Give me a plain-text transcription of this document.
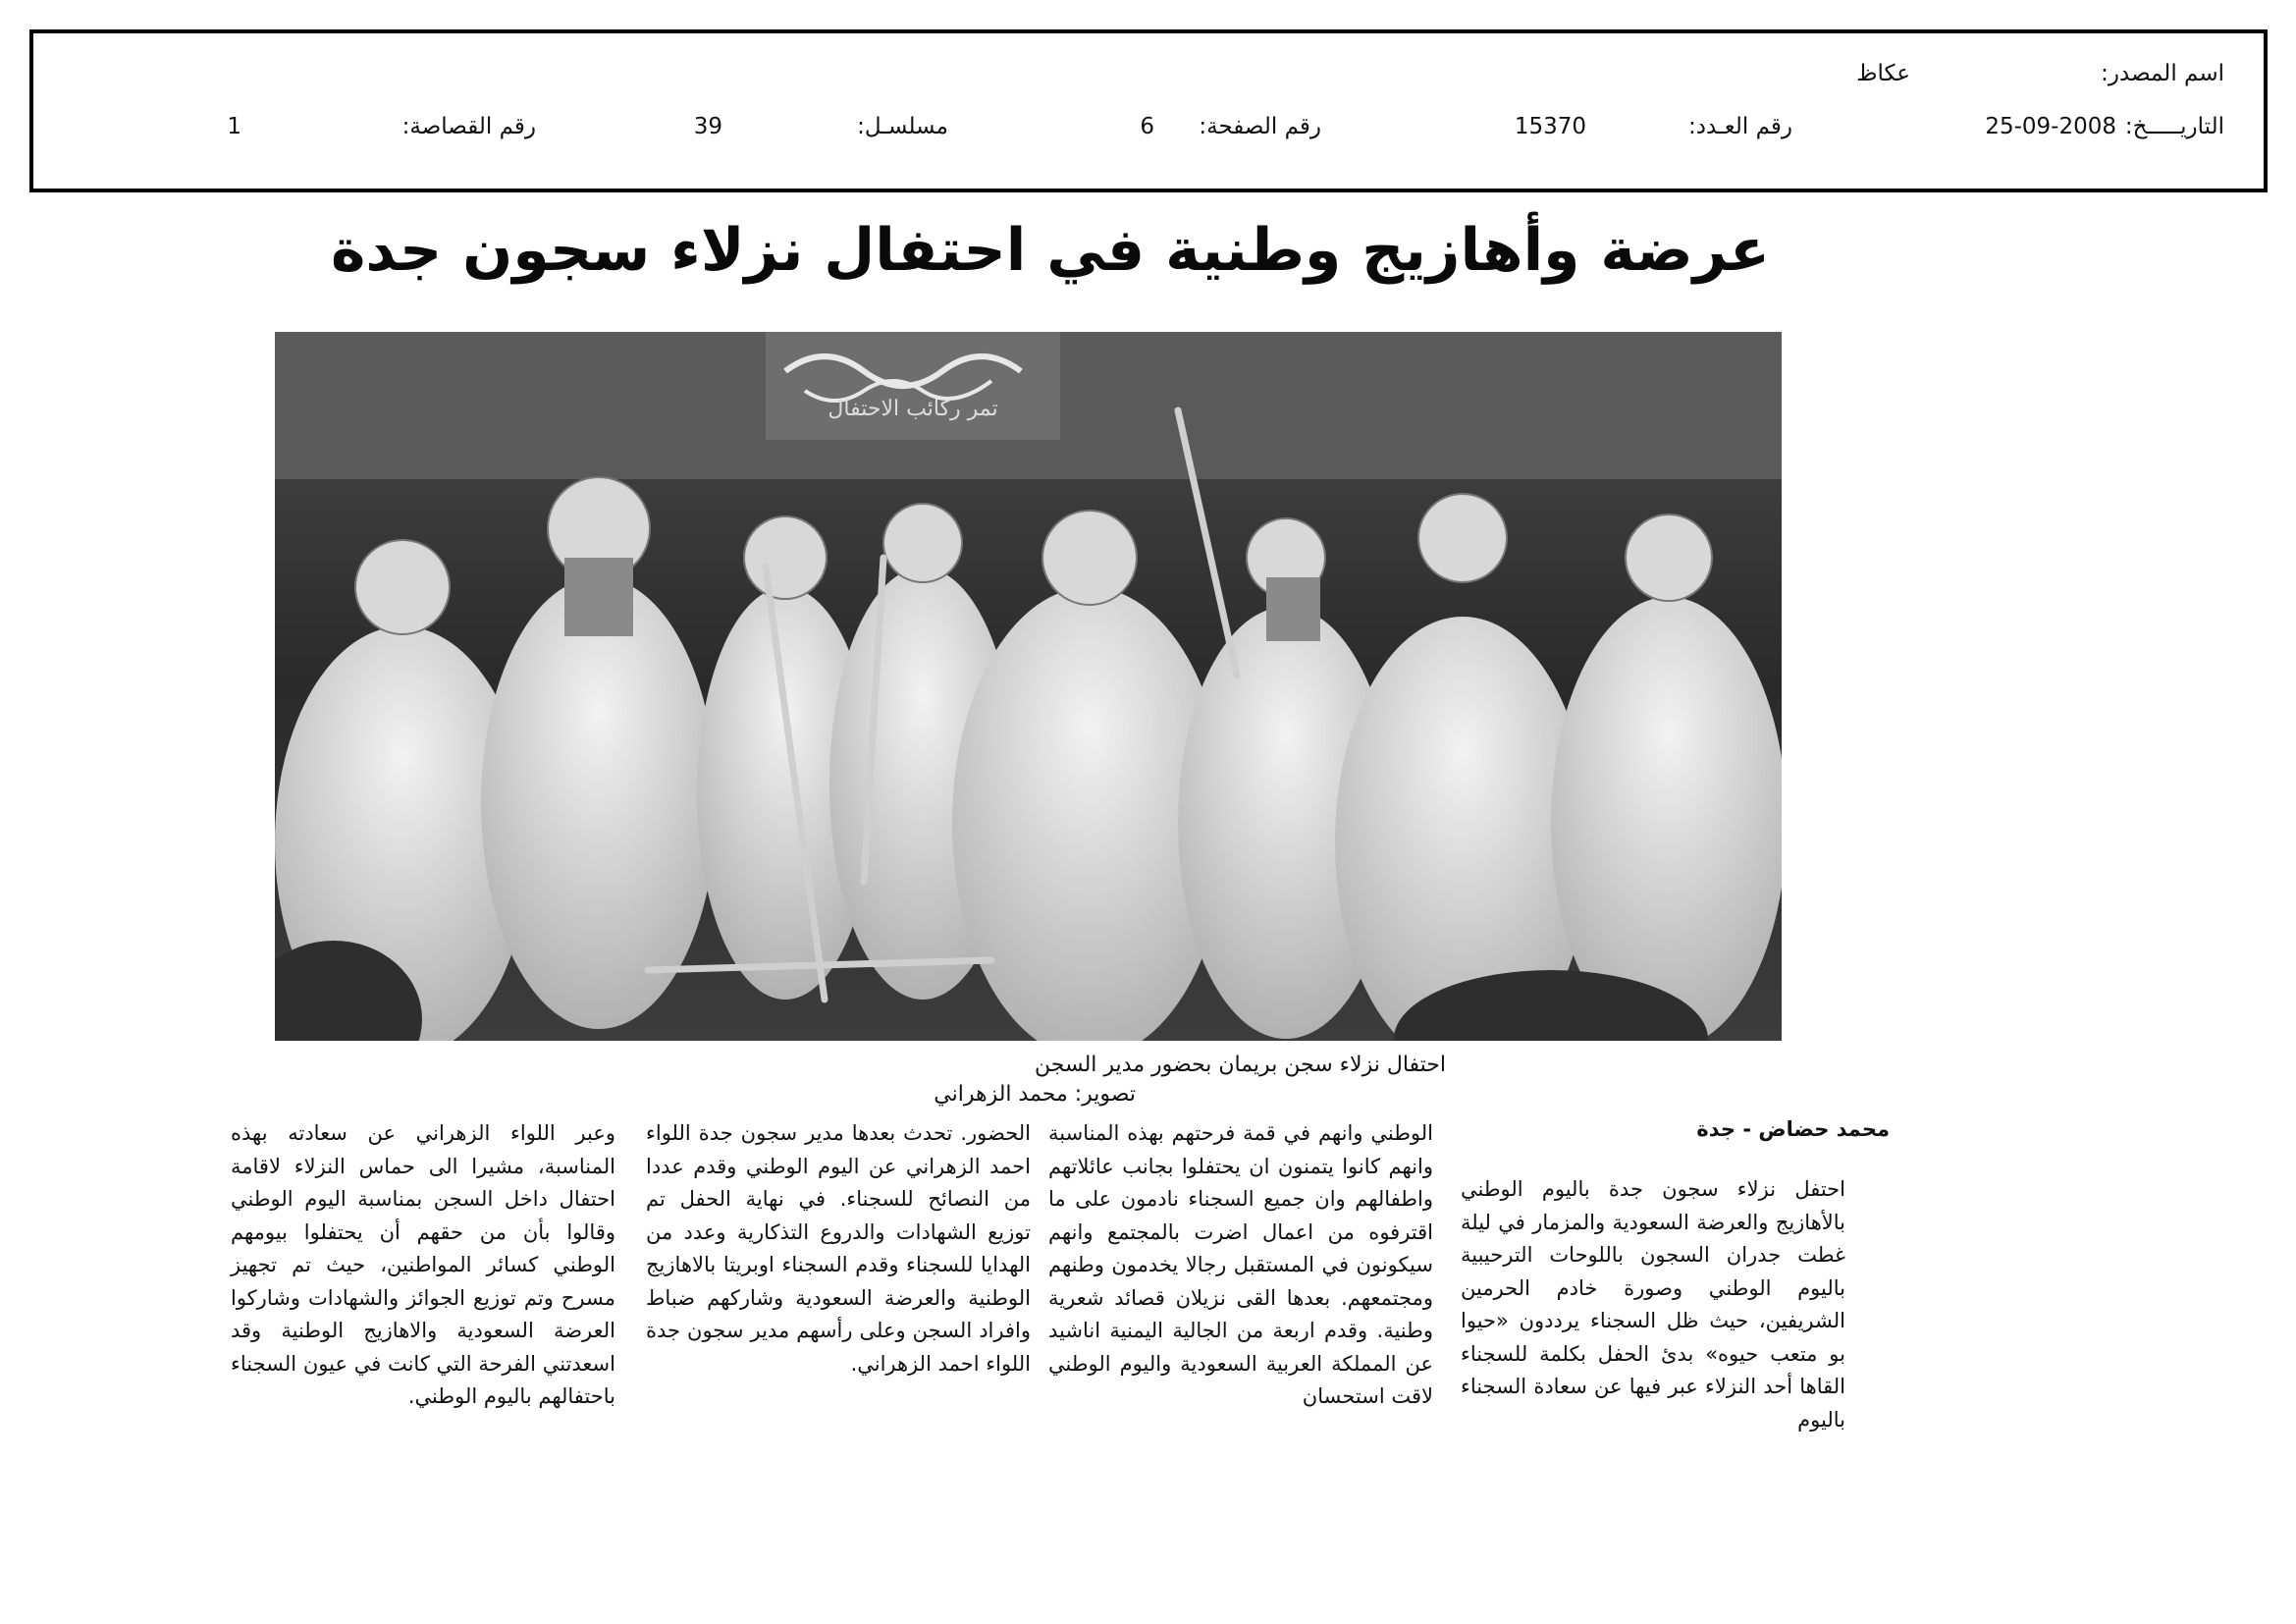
اسم المصدر:
عكاظ
التاريـــــخ:
25-09-2008
رقم العـدد:
15370
رقم الصفحة:
6
مسلسـل:
39
رقم القصاصة:
1
عرضة وأهازيج وطنية في احتفال نزلاء سجون جدة
تمر ركائب الاحتفال
احتفال نزلاء سجن بريمان بحضور مدير السجن
تصوير: محمد الزهراني
محمد حضاض - جدة

احتفل نزلاء سجون جدة باليوم الوطني بالأهازيج والعرضة السعودية والمزمار في ليلة غطت جدران السجون باللوحات الترحيبية باليوم الوطني وصورة خادم الحرمين الشريفين، حيث ظل السجناء يرددون «حيوا بو متعب حيوه» بدئ الحفل بكلمة للسجناء القاها أحد النزلاء عبر فيها عن سعادة السجناء باليوم

الوطني وانهم في قمة فرحتهم بهذه المناسبة وانهم كانوا يتمنون ان يحتفلوا بجانب عائلاتهم واطفالهم وان جميع السجناء نادمون على ما اقترفوه من اعمال اضرت بالمجتمع وانهم سيكونون في المستقبل رجالا يخدمون وطنهم ومجتمعهم. بعدها القى نزيلان قصائد شعرية وطنية. وقدم اربعة من الجالية اليمنية اناشيد عن المملكة العربية السعودية واليوم الوطني لاقت استحسان

الحضور. تحدث بعدها مدير سجون جدة اللواء احمد الزهراني عن اليوم الوطني وقدم عددا من النصائح للسجناء. في نهاية الحفل تم توزيع الشهادات والدروع التذكارية وعدد من الهدايا للسجناء وقدم السجناء اوبريتا بالاهازيج الوطنية والعرضة السعودية وشاركهم ضباط وافراد السجن وعلى رأسهم مدير سجون جدة اللواء احمد الزهراني.

وعبر اللواء الزهراني عن سعادته بهذه المناسبة، مشيرا الى حماس النزلاء لاقامة احتفال داخل السجن بمناسبة اليوم الوطني وقالوا بأن من حقهم أن يحتفلوا بيومهم الوطني كسائر المواطنين، حيث تم تجهيز مسرح وتم توزيع الجوائز والشهادات وشاركوا العرضة السعودية والاهازيج الوطنية وقد اسعدتني الفرحة التي كانت في عيون السجناء باحتفالهم باليوم الوطني.
